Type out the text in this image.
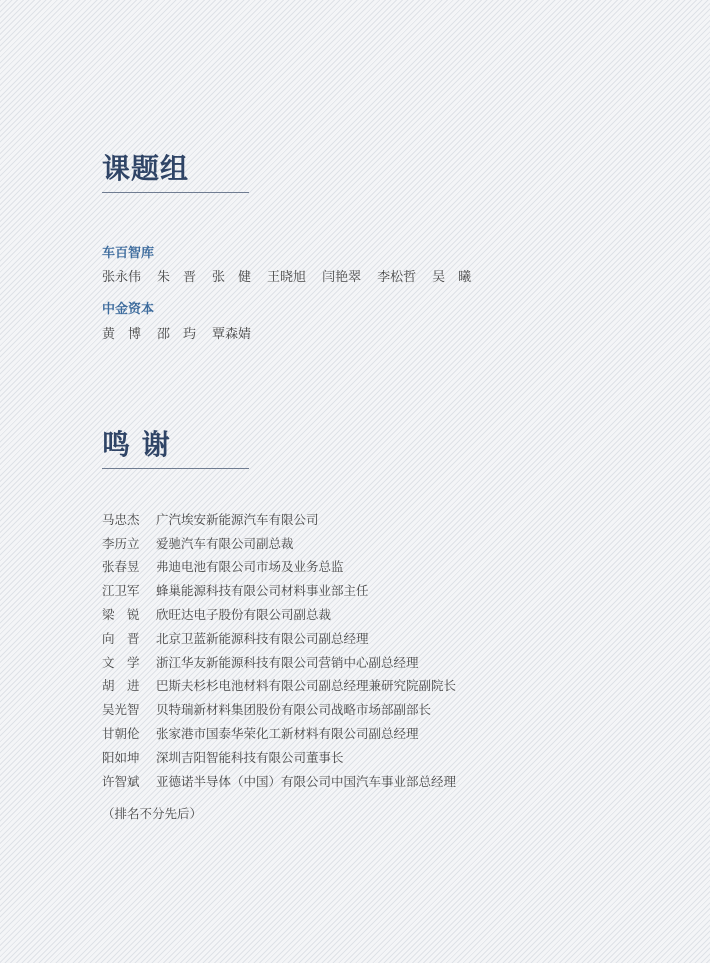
课题组
车百智库
张永伟 朱　晋 张　健 王晓旭 闫艳翠 李松哲 吴　曦
中金资本
黄　博 邵　玙 覃森婧
鸣 谢
马忠杰	广汽埃安新能源汽车有限公司
李历立	爱驰汽车有限公司副总裁
张春昱	弗迪电池有限公司市场及业务总监
江卫军	蜂巢能源科技有限公司材料事业部主任
梁　锐	欣旺达电子股份有限公司副总裁
向　晋	北京卫蓝新能源科技有限公司副总经理
文　学	浙江华友新能源科技有限公司营销中心副总经理
胡　进	巴斯夫杉杉电池材料有限公司副总经理兼研究院副院长
吴光智	贝特瑞新材料集团股份有限公司战略市场部副部长
甘朝伦	张家港市国泰华荣化工新材料有限公司副总经理
阳如坤	深圳吉阳智能科技有限公司董事长
许智斌	亚德诺半导体（中国）有限公司中国汽车事业部总经理
（排名不分先后）
